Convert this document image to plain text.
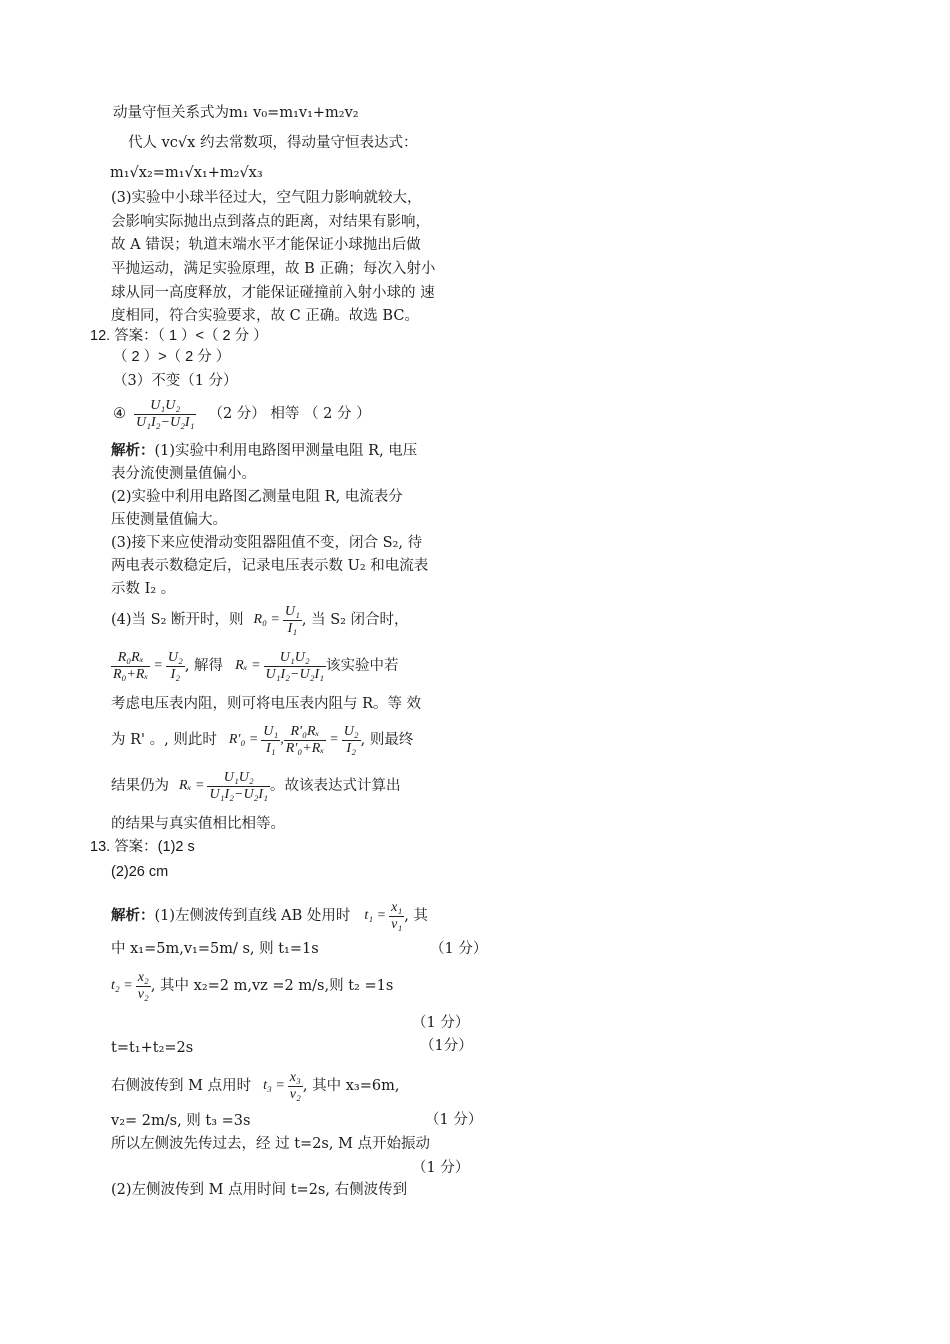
动量守恒关系式为m₁ v₀=m₁v₁+m₂v₂
代人 vc√x 约去常数项，得动量守恒表达式：
m₁√x₂=m₁√x₁+m₂√x₃
(3)实验中小球半径过大，空气阻力影响就较大，
会影响实际抛出点到落点的距离，对结果有影响，
故 A 错误；轨道末端水平才能保证小球抛出后做
平抛运动，满足实验原理，故 B 正确；每次入射小
球从同一高度释放，才能保证碰撞前入射小球的 速
度相同，符合实验要求，故 C 正确。故选 BC。
12. 答案：（ 1 ）<（ 2 分 ）
（ 2 ）>（ 2 分 ）
（3）不变（1 分）
④ $\frac{\text{U₁U₂}}{\text{U₁I₂−U₂I₁}} (2$ 分） 相等 （ 2 分 ）
解析：(1)实验中利用电路图甲测量电阻 R, 电压
表分流使测量值偏小。
(2)实验中利用电路图乙测量电阻 R, 电流表分
压使测量值偏大。
(3)接下来应使滑动变阻器阻值不变，闭合 S₂, 待
两电表示数稳定后，记录电压表示数 U₂ 和电流表
示数 I₂ 。
(4)当 S₂ 断开时，则 $R_0 = \frac{\text{U₁}}{\text{I₁}}$ , 当 S₂ 闭合时，
$\frac{\text{R₀Rₓ}}{\text{R₀+Rₓ}} = \frac{\text{U₂}}{\text{I₂}}$ , 解得 $R_x = \frac{\text{U₁U₂}}{\text{U₁I₂−U₂I₁}}$ 该实验中若
考虑电压表内阻，则可将电压表内阻与 R。等 效
为 R' 。, 则此时 $R'_0 = \frac{\text{U₁}}{\text{I₁}}$ , $\frac{\text{R′₀Rₓ}}{\text{R′₀+Rₓ}} = \frac{\text{U₂}}{\text{I₂}}$ , 则最终
结果仍为 $R_x = \frac{\text{U₁U₂}}{\text{U₁I₂−U₂I₁}}$ 。故该表达式计算出
的结果与真实值相比相等。
13. 答案：(1)2 s
(2)26 cm
解析： (1)左侧波传到直线 AB 处用时 $t_1 = \frac{\text{x₁}}{\text{v₁}}$ , 其
中 x₁=5m,v₁=5m/ s, 则 t₁=1s	（1 分）
$t_2 = \frac{\text{x₂}}{\text{v₂}}$ , 其中 x₂=2 m,vz =2 m/s,则 t₂ =1s
（1 分）
t=t₁+t₂=2s	（1分）
右侧波传到 M 点用时 $t_3 = \frac{\text{x₃}}{\text{v₂}}$ , 其中 x₃=6m,
v₂= 2m/s, 则 t₃ =3s	（1 分）
所以左侧波先传过去，经 过 t=2s, M 点开始振动
（1 分）
(2)左侧波传到 M 点用时间 t=2s, 右侧波传到
